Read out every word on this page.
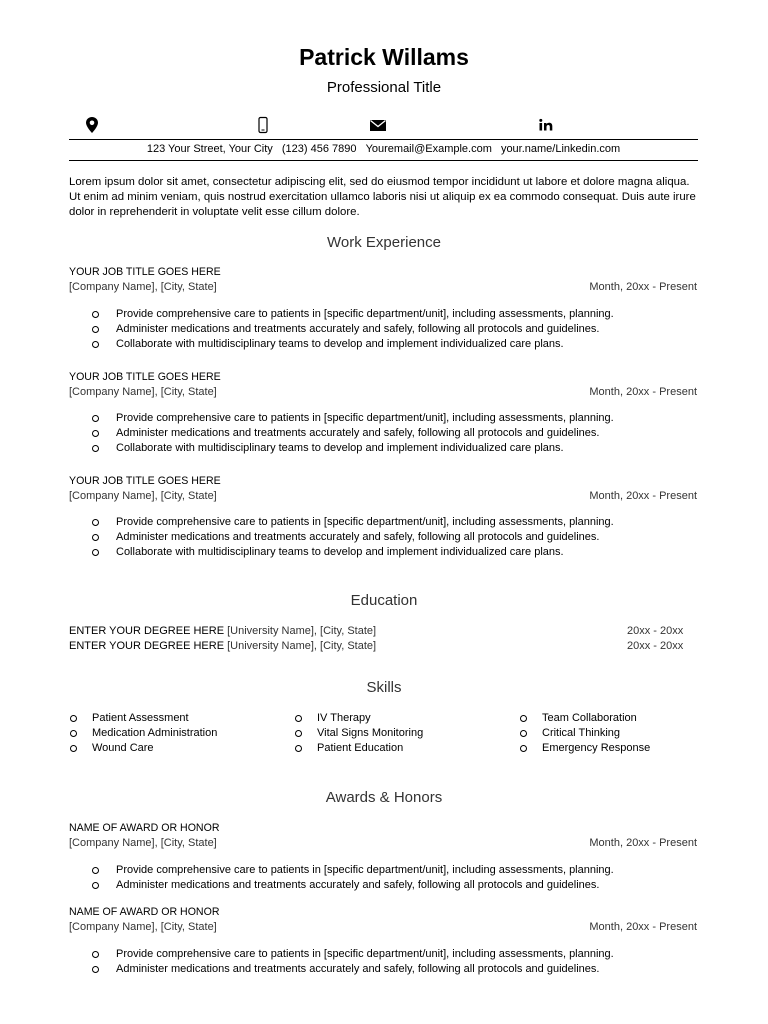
Patrick Willams
Professional Title
123 Your Street, Your City (123) 456 7890 Youremail@Example.com your.name/Linkedin.com
Lorem ipsum dolor sit amet, consectetur adipiscing elit, sed do eiusmod tempor incididunt ut labore et dolore magna aliqua. Ut enim ad minim veniam, quis nostrud exercitation ullamco laboris nisi ut aliquip ex ea commodo consequat. Duis aute irure dolor in reprehenderit in voluptate velit esse cillum dolore.
Work Experience
YOUR JOB TITLE GOES HERE
[Company Name], [City, State]	Month, 20xx - Present
Provide comprehensive care to patients in [specific department/unit], including assessments, planning.
Administer medications and treatments accurately and safely, following all protocols and guidelines.
Collaborate with multidisciplinary teams to develop and implement individualized care plans.
YOUR JOB TITLE GOES HERE
[Company Name], [City, State]	Month, 20xx - Present
Provide comprehensive care to patients in [specific department/unit], including assessments, planning.
Administer medications and treatments accurately and safely, following all protocols and guidelines.
Collaborate with multidisciplinary teams to develop and implement individualized care plans.
YOUR JOB TITLE GOES HERE
[Company Name], [City, State]	Month, 20xx - Present
Provide comprehensive care to patients in [specific department/unit], including assessments, planning.
Administer medications and treatments accurately and safely, following all protocols and guidelines.
Collaborate with multidisciplinary teams to develop and implement individualized care plans.
Education
ENTER YOUR DEGREE HERE [University Name], [City, State]	20xx - 20xx
ENTER YOUR DEGREE HERE [University Name], [City, State]	20xx - 20xx
Skills
Patient Assessment
Medication Administration
Wound Care
IV Therapy
Vital Signs Monitoring
Patient Education
Team Collaboration
Critical Thinking
Emergency Response
Awards & Honors
NAME OF AWARD OR HONOR
[Company Name], [City, State]	Month, 20xx - Present
Provide comprehensive care to patients in [specific department/unit], including assessments, planning.
Administer medications and treatments accurately and safely, following all protocols and guidelines.
NAME OF AWARD OR HONOR
[Company Name], [City, State]	Month, 20xx - Present
Provide comprehensive care to patients in [specific department/unit], including assessments, planning.
Administer medications and treatments accurately and safely, following all protocols and guidelines.
